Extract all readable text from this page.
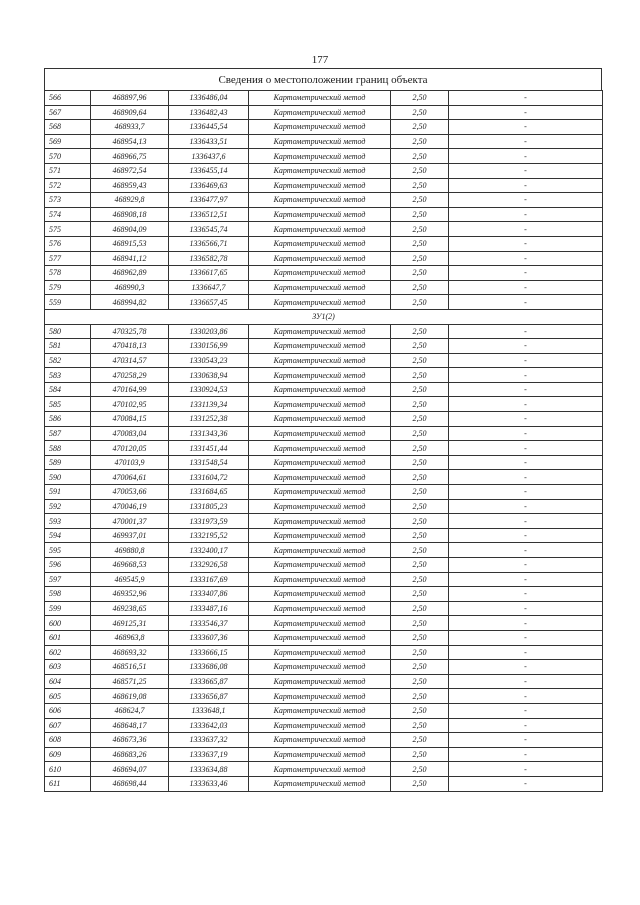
177
Сведения о местоположении границ объекта
566	468897,96	1336486,04	Картометрический метод	2,50	-
567	468909,64	1336482,43	Картометрический метод	2,50	-
568	468933,7	1336445,54	Картометрический метод	2,50	-
569	468954,13	1336433,51	Картометрический метод	2,50	-
570	468966,75	1336437,6	Картометрический метод	2,50	-
571	468972,54	1336455,14	Картометрический метод	2,50	-
572	468959,43	1336469,63	Картометрический метод	2,50	-
573	468929,8	1336477,97	Картометрический метод	2,50	-
574	468908,18	1336512,51	Картометрический метод	2,50	-
575	468904,09	1336545,74	Картометрический метод	2,50	-
576	468915,53	1336566,71	Картометрический метод	2,50	-
577	468941,12	1336582,78	Картометрический метод	2,50	-
578	468962,89	1336617,65	Картометрический метод	2,50	-
579	468990,3	1336647,7	Картометрический метод	2,50	-
559	468994,82	1336657,45	Картометрический метод	2,50	-
ЗУ1(2)					
580	470325,78	1330203,86	Картометрический метод	2,50	-
581	470418,13	1330156,99	Картометрический метод	2,50	-
582	470314,57	1330543,23	Картометрический метод	2,50	-
583	470258,29	1330638,94	Картометрический метод	2,50	-
584	470164,99	1330924,53	Картометрический метод	2,50	-
585	470102,95	1331139,34	Картометрический метод	2,50	-
586	470084,15	1331252,38	Картометрический метод	2,50	-
587	470083,04	1331343,36	Картометрический метод	2,50	-
588	470120,05	1331451,44	Картометрический метод	2,50	-
589	470103,9	1331548,54	Картометрический метод	2,50	-
590	470064,61	1331604,72	Картометрический метод	2,50	-
591	470053,66	1331684,65	Картометрический метод	2,50	-
592	470046,19	1331805,23	Картометрический метод	2,50	-
593	470001,37	1331973,59	Картометрический метод	2,50	-
594	469937,01	1332195,52	Картометрический метод	2,50	-
595	469880,8	1332400,17	Картометрический метод	2,50	-
596	469668,53	1332926,58	Картометрический метод	2,50	-
597	469545,9	1333167,69	Картометрический метод	2,50	-
598	469352,96	1333407,86	Картометрический метод	2,50	-
599	469238,65	1333487,16	Картометрический метод	2,50	-
600	469125,31	1333546,37	Картометрический метод	2,50	-
601	468963,8	1333607,36	Картометрический метод	2,50	-
602	468693,32	1333666,15	Картометрический метод	2,50	-
603	468516,51	1333686,08	Картометрический метод	2,50	-
604	468571,25	1333665,87	Картометрический метод	2,50	-
605	468619,08	1333656,87	Картометрический метод	2,50	-
606	468624,7	1333648,1	Картометрический метод	2,50	-
607	468648,17	1333642,03	Картометрический метод	2,50	-
608	468673,36	1333637,32	Картометрический метод	2,50	-
609	468683,26	1333637,19	Картометрический метод	2,50	-
610	468694,07	1333634,88	Картометрический метод	2,50	-
611	468698,44	1333633,46	Картометрический метод	2,50	-
